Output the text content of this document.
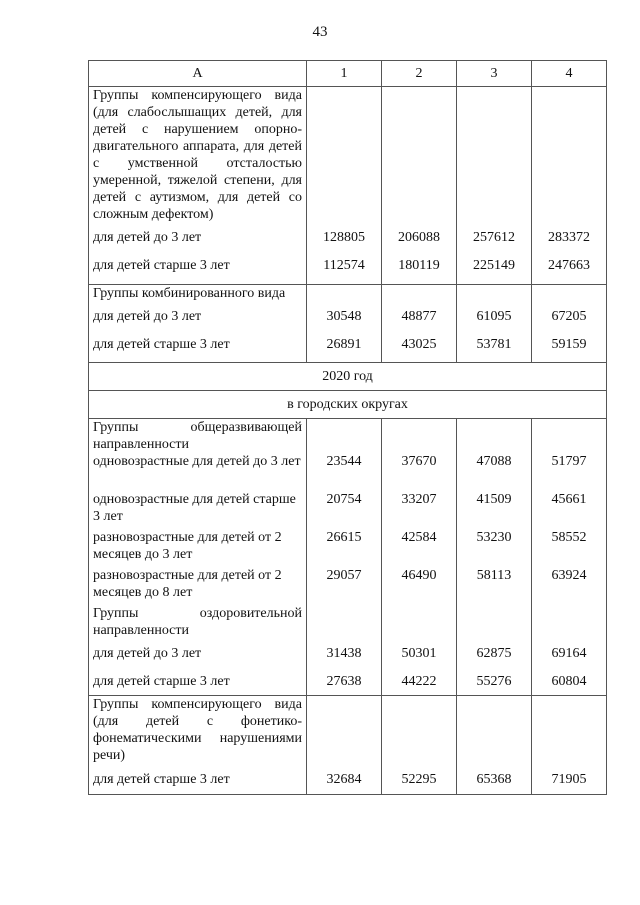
43
А	1	2	3	4
Группы компенсирующего вида (для слабослышащих детей, для детей с нарушением опорно-двигательного аппарата, для детей с умственной отсталостью умеренной, тяжелой степени, для детей с аутизмом, для детей со сложным дефектом)				
для детей до 3 лет	128805	206088	257612	283372
для детей старше 3 лет	112574	180119	225149	247663
Группы комбинированного вида				
для детей до 3 лет	30548	48877	61095	67205
для детей старше 3 лет	26891	43025	53781	59159
2020 год				
в городских округах				
Группы общеразвивающей направленности				
одновозрастные для детей до 3 лет	23544	37670	47088	51797
одновозрастные для детей старше 3 лет	20754	33207	41509	45661
разновозрастные для детей от 2 месяцев до 3 лет	26615	42584	53230	58552
разновозрастные для детей от 2 месяцев до 8 лет	29057	46490	58113	63924
Группы оздоровительной направленности				
для детей до 3 лет	31438	50301	62875	69164
для детей старше 3 лет	27638	44222	55276	60804
Группы компенсирующего вида (для детей с фонетико-фонематическими нарушениями речи)				
для детей старше 3 лет	32684	52295	65368	71905
